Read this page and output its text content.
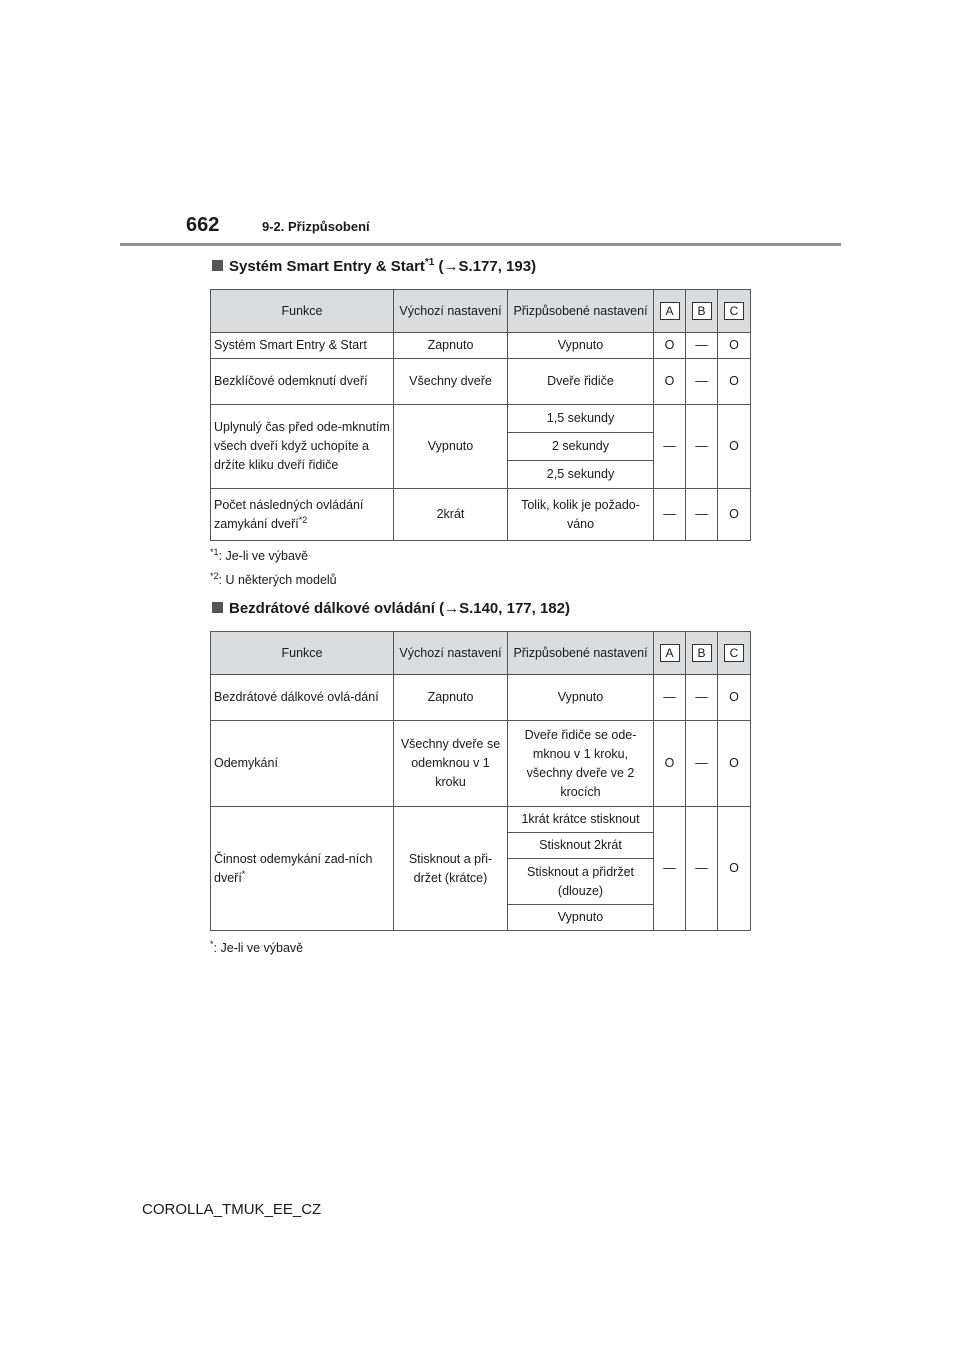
662	9-2. Přizpůsobení
Systém Smart Entry & Start$^{*1}$ (→S.177, 193)
Funkce	Výchozí nastavení	Přizpůsobené nastavení	A	B	C
Systém Smart Entry & Start	Zapnuto	Vypnuto	O	—	O
Bezklíčové odemknutí dveří	Všechny dveře	Dveře řidiče	O	—	O
Uplynulý čas před ode-mknutím všech dveří když uchopíte a držíte kliku dveří řidiče	Vypnuto	1,5 sekundy	—	—	O
		2 sekundy			
		2,5 sekundy			
Počet následných ovládání zamykání dveří$^{*2}$	2krát	Tolik, kolik je požado-váno	—	—	O
$^{*1}$: Je-li ve výbavě
$^{*2}$: U některých modelů
Bezdrátové dálkové ovládání (→S.140, 177, 182)
Funkce	Výchozí nastavení	Přizpůsobené nastavení	A	B	C
Bezdrátové dálkové ovlá-dání	Zapnuto	Vypnuto	—	—	O
Odemykání	Všechny dveře se odemknou v 1 kroku	Dveře řidiče se ode-mknou v 1 kroku, všechny dveře ve 2 krocích	O	—	O
Činnost odemykání zad-ních dveří*	Stisknout a při-držet (krátce)	1krát krátce stisknout	—	—	O
		Stisknout 2krát			
		Stisknout a přidržet (dlouze)			
		Vypnuto			
*: Je-li ve výbavě
COROLLA_TMUK_EE_CZ
